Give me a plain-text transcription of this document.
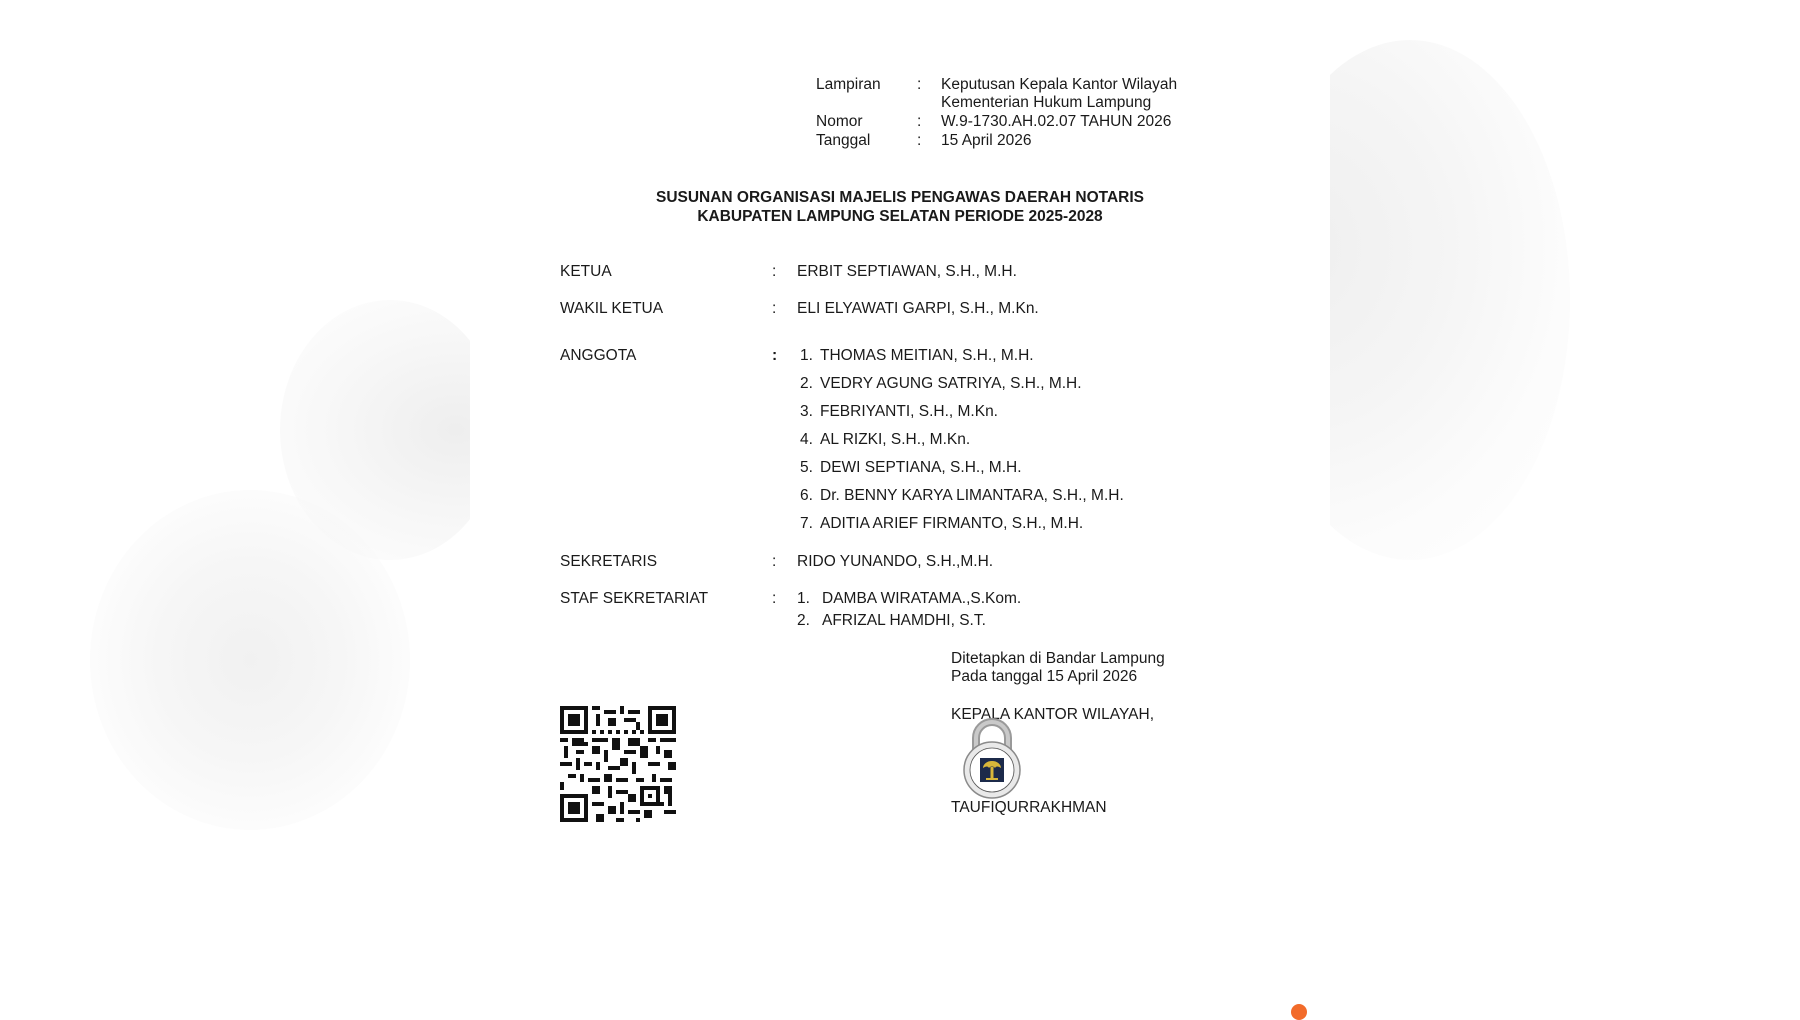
Lampiran : Keputusan Kepala Kantor Wilayah
Kementerian Hukum Lampung
Nomor	: W.9-1730.AH.02.07 TAHUN 2026
Tanggal	: 15 April 2026
SUSUNAN ORGANISASI MAJELIS PENGAWAS DAERAH NOTARIS
KABUPATEN LAMPUNG SELATAN PERIODE 2025-2028
KETUA	: ERBIT SEPTIAWAN, S.H., M.H.
WAKIL KETUA	: ELI ELYAWATI GARPI, S.H., M.Kn.
ANGGOTA	: 1. THOMAS MEITIAN, S.H., M.H.
2. VEDRY AGUNG SATRIYA, S.H., M.H.
3. FEBRIYANTI, S.H., M.Kn.
4. AL RIZKI, S.H., M.Kn.
5. DEWI SEPTIANA, S.H., M.H.
6. Dr. BENNY KARYA LIMANTARA, S.H., M.H.
7. ADITIA ARIEF FIRMANTO, S.H., M.H.
SEKRETARIS	: RIDO YUNANDO, S.H.,M.H.
STAF SEKRETARIAT	: 1. DAMBA WIRATAMA.,S.Kom.
2. AFRIZAL HAMDHI, S.T.
Ditetapkan di Bandar Lampung
Pada tanggal 15 April 2026
KEPALA KANTOR WILAYAH,
TAUFIQURRAKHMAN
